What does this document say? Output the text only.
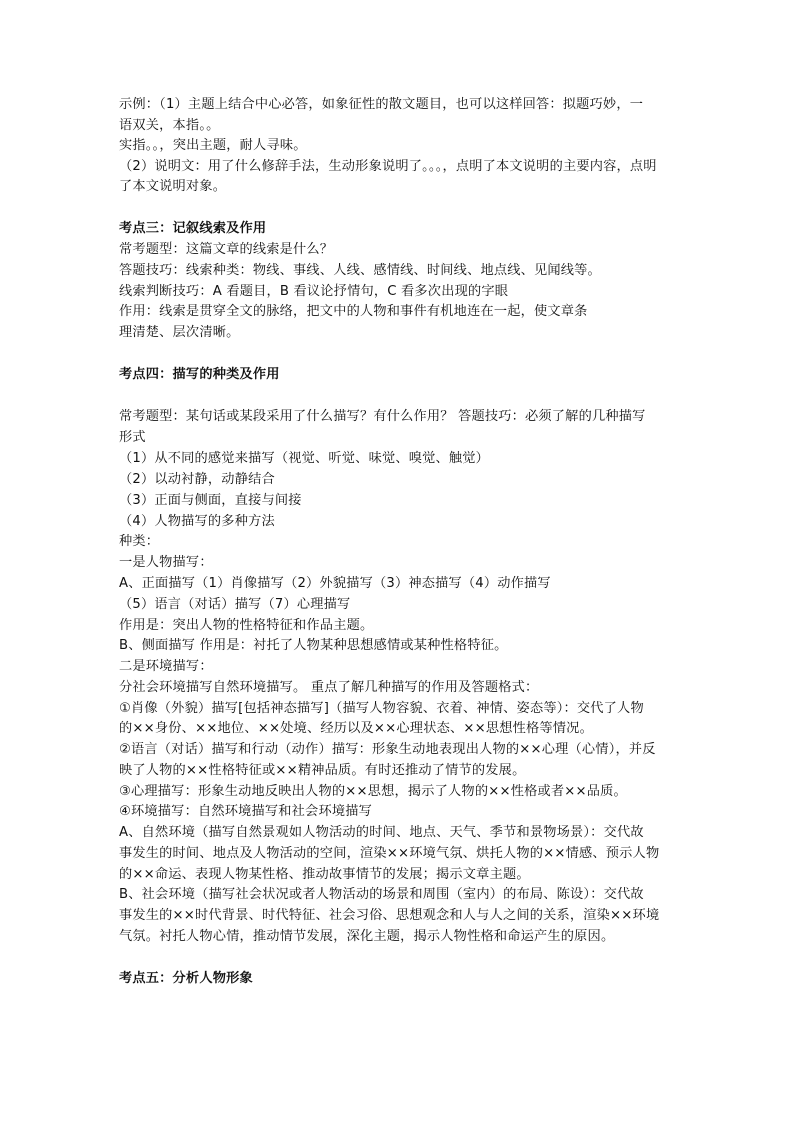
示例：（1）主题上结合中心必答，如象征性的散文题目，也可以这样回答：拟题巧妙，一
语双关，本指。。
实指。。，突出主题，耐人寻味。
（2）说明文：用了什么修辞手法，生动形象说明了。。。，点明了本文说明的主要内容，点明
了本文说明对象。
考点三：记叙线索及作用
常考题型：这篇文章的线索是什么？
答题技巧：线索种类：物线、事线、人线、感情线、时间线、地点线、见闻线等。
线索判断技巧：A 看题目，B 看议论抒情句，C 看多次出现的字眼
作用：线索是贯穿全文的脉络，把文中的人物和事件有机地连在一起，使文章条
理清楚、层次清晰。
考点四：描写的种类及作用
常考题型：某句话或某段采用了什么描写？有什么作用？ 答题技巧：必须了解的几种描写
形式
（1）从不同的感觉来描写（视觉、听觉、味觉、嗅觉、触觉）
（2）以动衬静，动静结合
（3）正面与侧面，直接与间接
（4）人物描写的多种方法
种类：
一是人物描写：
A、正面描写（1）肖像描写（2）外貌描写（3）神态描写（4）动作描写
（5）语言（对话）描写（7）心理描写
作用是：突出人物的性格特征和作品主题。
B、侧面描写 作用是：衬托了人物某种思想感情或某种性格特征。
二是环境描写：
分社会环境描写自然环境描写。 重点了解几种描写的作用及答题格式：
①肖像（外貌）描写[包括神态描写]（描写人物容貌、衣着、神情、姿态等）：交代了人物
的××身份、××地位、××处境、经历以及××心理状态、××思想性格等情况。
②语言（对话）描写和行动（动作）描写：形象生动地表现出人物的××心理（心情），并反
映了人物的××性格特征或××精神品质。有时还推动了情节的发展。
③心理描写：形象生动地反映出人物的××思想，揭示了人物的××性格或者××品质。
④环境描写：自然环境描写和社会环境描写
A、自然环境（描写自然景观如人物活动的时间、地点、天气、季节和景物场景）：交代故
事发生的时间、地点及人物活动的空间，渲染××环境气氛、烘托人物的××情感、预示人物
的××命运、表现人物某性格、推动故事情节的发展；揭示文章主题。
B、社会环境（描写社会状况或者人物活动的场景和周围（室内）的布局、陈设）：交代故
事发生的××时代背景、时代特征、社会习俗、思想观念和人与人之间的关系，渲染××环境
气氛。衬托人物心情，推动情节发展，深化主题，揭示人物性格和命运产生的原因。
考点五：分析人物形象
